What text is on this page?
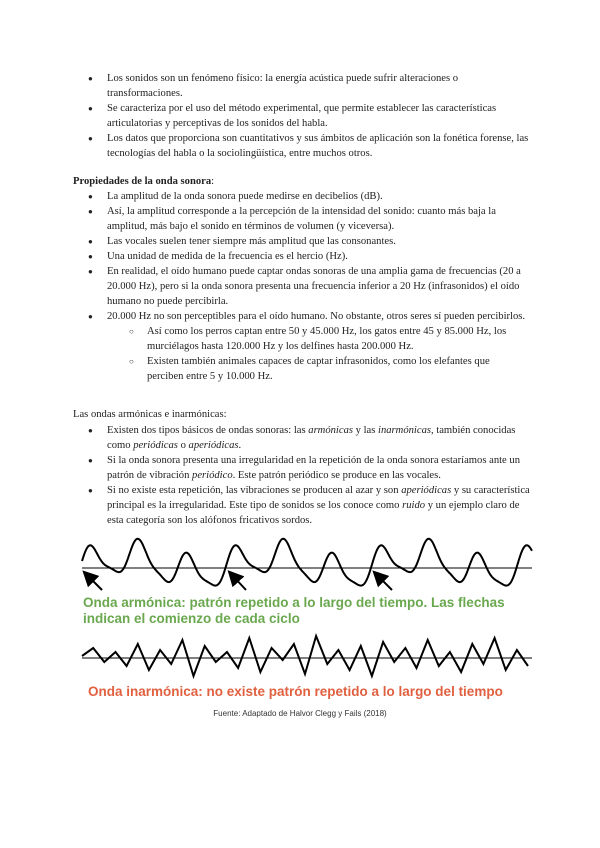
● Los sonidos son un fenómeno físico: la energía acústica puede sufrir alteraciones o transformaciones.
● Se caracteriza por el uso del método experimental, que permite establecer las características articulatorias y perceptivas de los sonidos del habla.
● Los datos que proporciona son cuantitativos y sus ámbitos de aplicación son la fonética forense, las tecnologías del habla o la sociolingüística, entre muchos otros.
Propiedades de la onda sonora:
● La amplitud de la onda sonora puede medirse en decibelios (dB).
● Así, la amplitud corresponde a la percepción de la intensidad del sonido: cuanto más baja la amplitud, más bajo el sonido en términos de volumen (y viceversa).
● Las vocales suelen tener siempre más amplitud que las consonantes.
● Una unidad de medida de la frecuencia es el hercio (Hz).
● En realidad, el oído humano puede captar ondas sonoras de una amplia gama de frecuencias (20 a 20.000 Hz), pero si la onda sonora presenta una frecuencia inferior a 20 Hz (infrasonidos) el oído humano no puede percibirla.
● 20.000 Hz no son perceptibles para el oído humano. No obstante, otros seres sí pueden percibirlos.
○ Así como los perros captan entre 50 y 45.000 Hz, los gatos entre 45 y 85.000 Hz, los murciélagos hasta 120.000 Hz y los delfines hasta 200.000 Hz.
○ Existen también animales capaces de captar infrasonidos, como los elefantes que perciben entre 5 y 10.000 Hz.
Las ondas armónicas e inarmónicas:
● Existen dos tipos básicos de ondas sonoras: las armónicas y las inarmónicas, también conocidas como periódicas o aperiódicas.
● Si la onda sonora presenta una irregularidad en la repetición de la onda sonora estaríamos ante un patrón de vibración periódico. Este patrón periódico se produce en las vocales.
● Si no existe esta repetición, las vibraciones se producen al azar y son aperiódicas y su característica principal es la irregularidad. Este tipo de sonidos se los conoce como ruido y un ejemplo claro de esta categoría son los alófonos fricativos sordos.
Onda armónica: patrón repetido a lo largo del tiempo. Las flechas indican el comienzo de cada ciclo
Onda inarmónica: no existe patrón repetido a lo largo del tiempo
Fuente: Adaptado de Halvor Clegg y Fails (2018)
